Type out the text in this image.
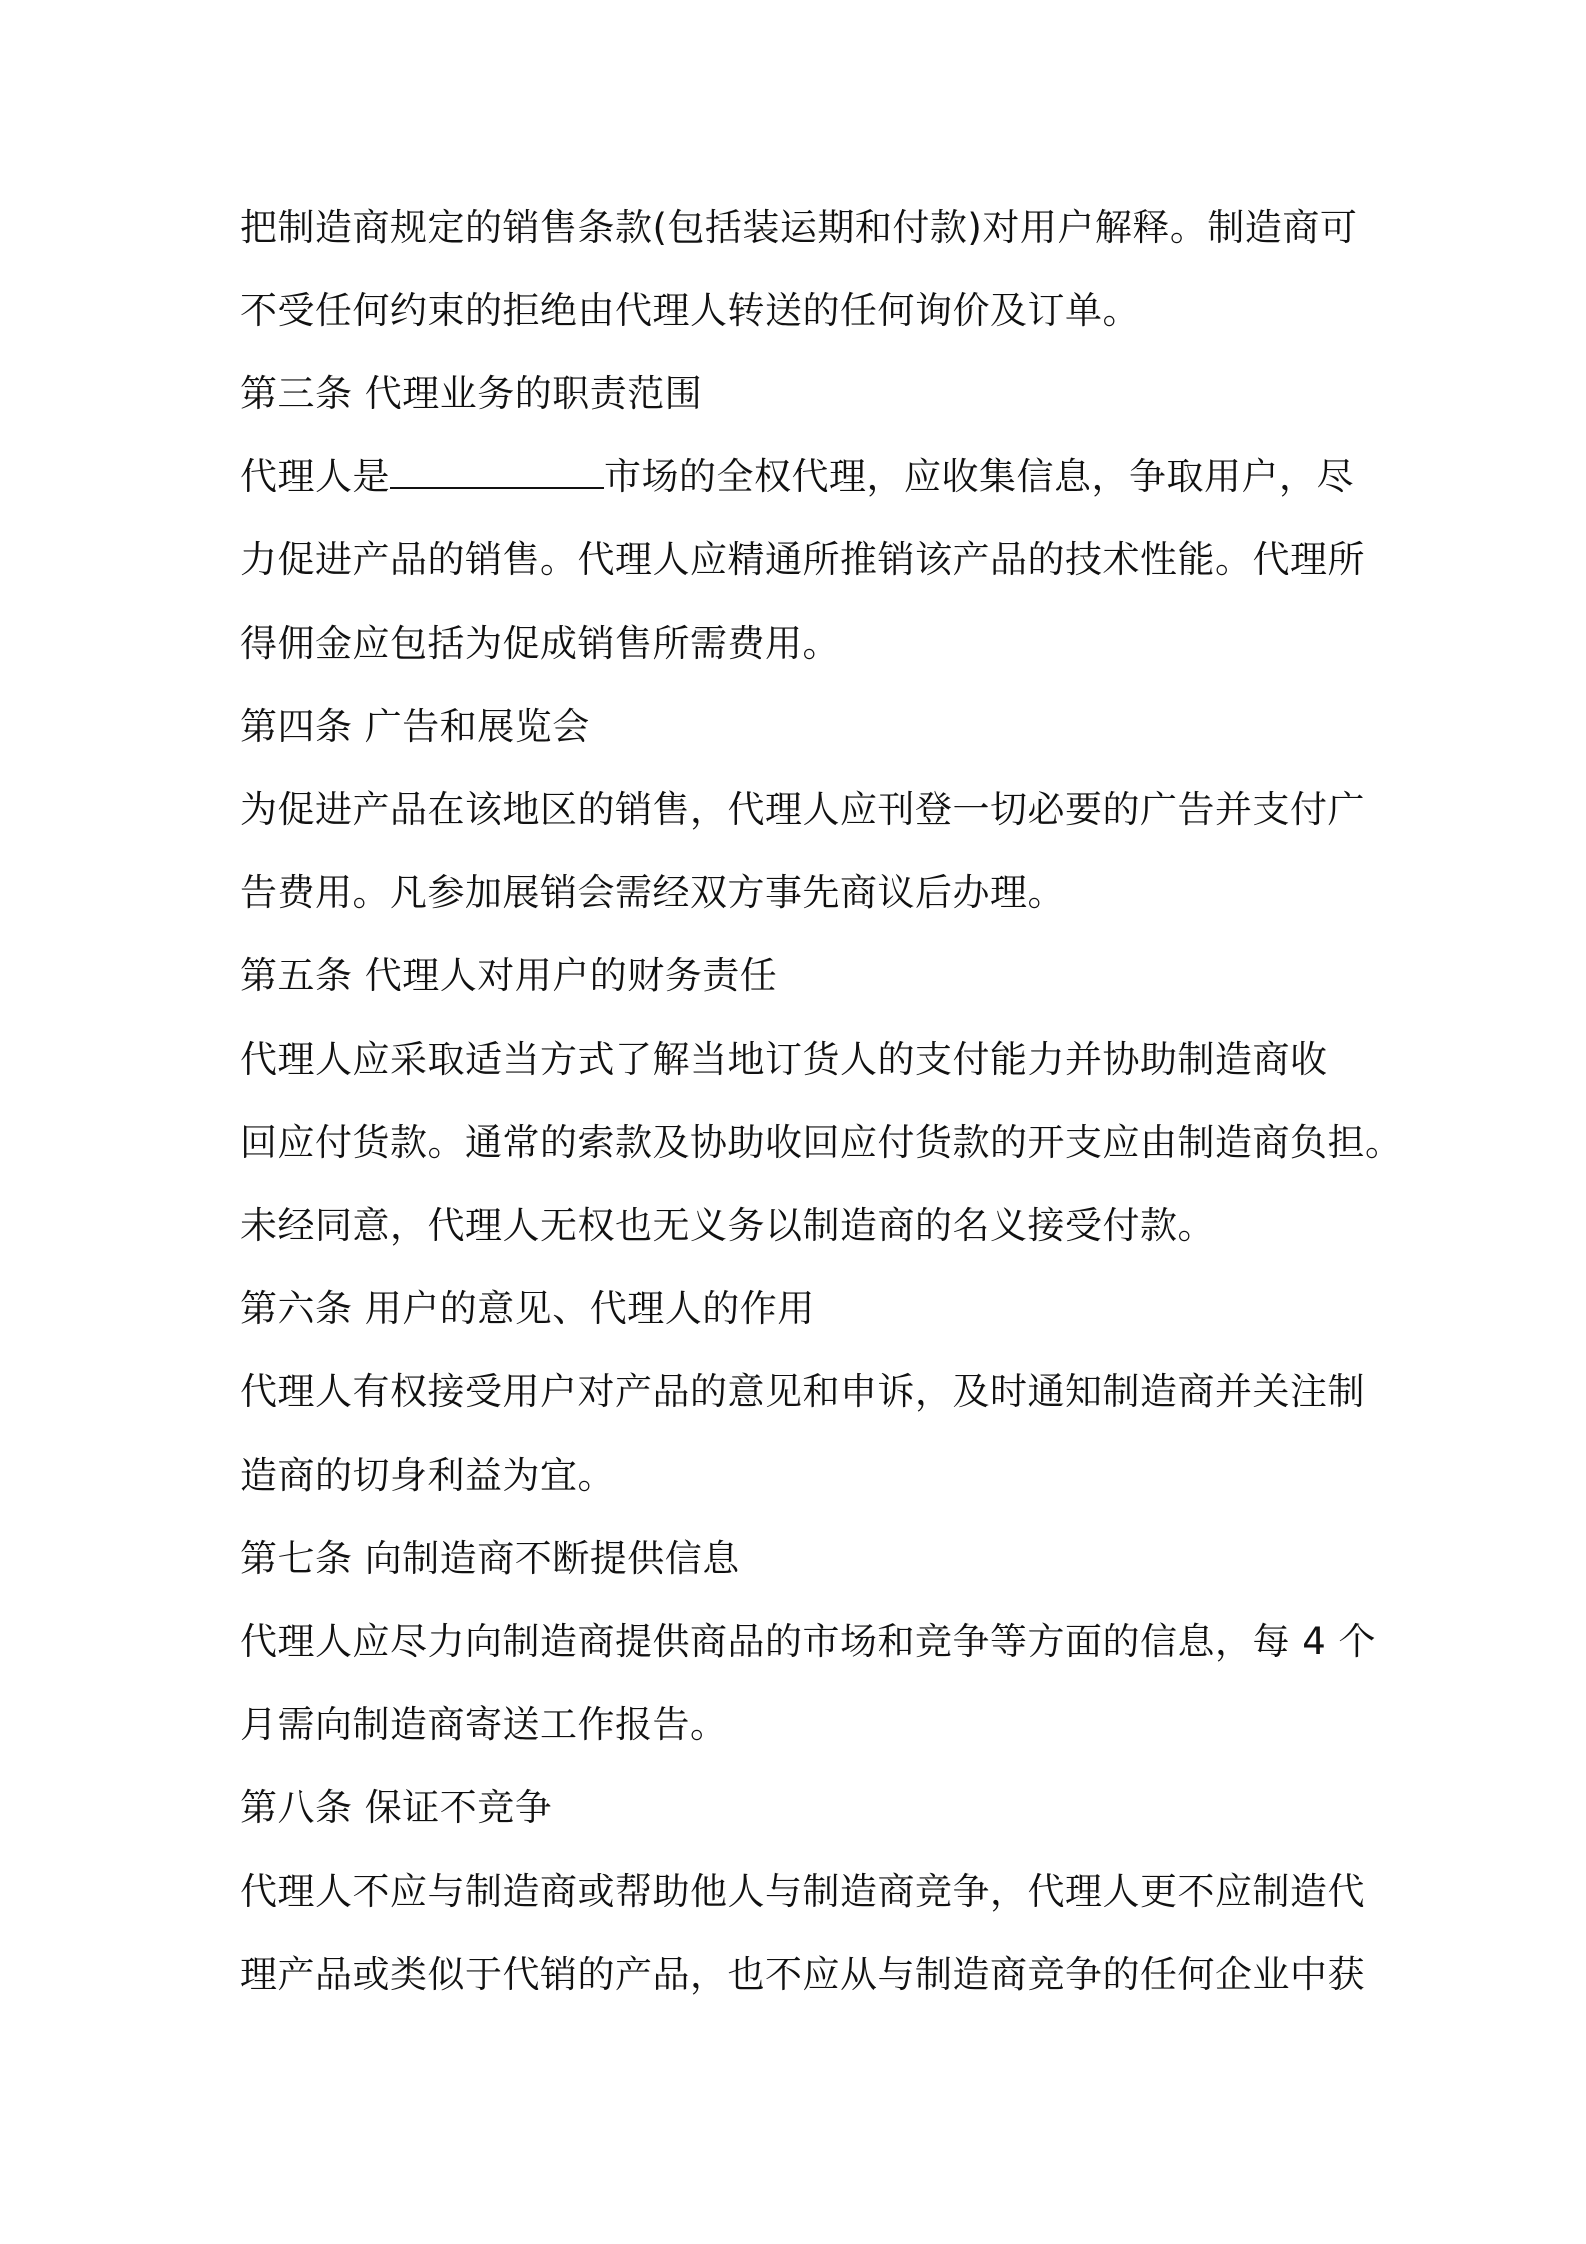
把制造商规定的销售条款(包括装运期和付款)对用户解释。制造商可
不受任何约束的拒绝由代理人转送的任何询价及订单。
第三条 代理业务的职责范围
代理人是	市场的全权代理，应收集信息，争取用户，尽
力促进产品的销售。代理人应精通所推销该产品的技术性能。代理所
得佣金应包括为促成销售所需费用。
第四条 广告和展览会
为促进产品在该地区的销售，代理人应刊登一切必要的广告并支付广
告费用。凡参加展销会需经双方事先商议后办理。
第五条 代理人对用户的财务责任
代理人应采取适当方式了解当地订货人的支付能力并协助制造商收
回应付货款。通常的索款及协助收回应付货款的开支应由制造商负担。
未经同意，代理人无权也无义务以制造商的名义接受付款。
第六条 用户的意见、代理人的作用
代理人有权接受用户对产品的意见和申诉，及时通知制造商并关注制
造商的切身利益为宜。
第七条 向制造商不断提供信息
代理人应尽力向制造商提供商品的市场和竞争等方面的信息，每 4 个
月需向制造商寄送工作报告。
第八条 保证不竞争
代理人不应与制造商或帮助他人与制造商竞争，代理人更不应制造代
理产品或类似于代销的产品，也不应从与制造商竞争的任何企业中获
